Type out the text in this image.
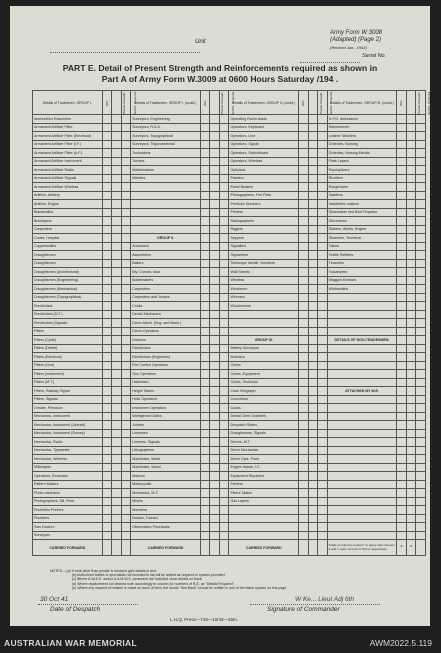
Unit
Army Form W 3008
(Adapted) (Page 2)
(Revised Jan., 1942)
Serial No.
PART E. Detail of Present Strength and Reinforcements required as shown in
Part A of Army Form W.3009 at 0600 Hours Saturday /194 .
Details of Tradesmen. GROUP I.	W.E.	Posted Strength.	Reinfts. Required.	Details of Tradesmen. GROUP I. (contd.)	W.E.	Posted Strength.	Reinfts. Required.	Details of Tradesmen. GROUP II. (contd.)	W.E.	Posted Strength.	Reinfts. Required.	Details of Tradesmen. GROUP III. (contd.)	W.E.	Posted Strength.	Reinfts. Required.
Ammunition Examiners				Surveyors, Engineering				Operating Room Assts.				G.P.O. Ambulance			
Armament Artificer Fitter				Surveyors, R.A.A.				Operators, Keyboard				Hammermen			
Armament Artificer Fitter (Electrical)				Surveyors, Topographical				Operators, Line				Leather Stitchers			
Armament Artificer Fitter (I.F.)				Surveyors, Trigonometrical				Operators, Signal				Orderlies, Nursing			
Armament Artificer Fitter (A.F.)				Toolmakers				Operators, Switchboard				Orderlies, Nursing Mental			
Armament Artificer Instrument				Turners				Operators, Wireless				Plate Layers			
Armament Artificer Radio				Watchmakers				Opticians				Ropesplicers			
Armament Artificer Signals				Welders				Painters				Rivetters			
Armament Artificer Wireless								Panel Beaters				Roughriders			
Artificer, Artillery								Photographers, Fire Plots				Saddlers			
Artificer, Engine								Predictor Numbers				Saddletree makers			
Blacksmiths								Printers				Shoemaker and Boot Repairer			
Bricklayers								Radiographers				Stevedores			
Carpenters								Riggers				Stokers, Works, Engine			
Cooks, Hospital				GROUP II.				Sappers				Shoemen, Technical			
Coppersmiths				Armourers				Signallers				Tailors			
Draughtsmen				Assemblers				Signwriters				Textile Refitters			
Draughtsmen				Bakers				Telescope Identifi. Numbers				Tinsmiths			
Draughtsmen (Architectural)				Bty. Comd's. Asst.				Wall Sheets				Vulcanizers			
Draughtsmen (Engineering)				Boilermakers				Wireless				Waggon Erectors			
Draughtsmen (Mechanical)				Carpenters				Winchmen				Whitesmiths			
Draughtsmen (Topographical)				Carpenters and Joiners				Wiremen							
Electricians				Cooks				Woodturners							
Electricians (M.T.)				Dental Mechanics											
Electricians (Signals)				Driver-Mech. (Eng. and Mach.)											
Fitters				Driver-Operators											
Fitters (Cycle)				Drainers				GROUP III.				DETAILS OF NON-TRADESMEN.			
Fitters (Diesel)				Electricians				Battery Surveyors							
Fitters (Electrical)				Electricians (Engineers)				Butchers							
Fitters (Gun)				Fire Control Operators				Clerks							
Fitters (Instrument)				Gun Operators				Clerks, Equipment							
Fitters (M.T.)				Hatchmen				Clerks, Technical							
Fitters, Railway Signal				Height Takers				Cook Telegraph				ATTACHED BY W.E.			
Fitters, Signals				Holix Operators				Concretors							
Grinder, Precision				Instrument Operators				Cooks							
Mechanics, Instrument				Intelligence Duties				Dental Clerk Orderlies							
Mechanics, Instrument (Aircraft)				Joiners				Despatch Riders							
Mechanics, Instrument (Survey)				Linesmen				Draughtsmen, Signals							
Mechanics, Radio				Linemen, Signals				Drivers, M.T.							
Mechanics, Typewriter				Lithographers				Driver Mechanics							
Mechanics, Wireless				Machinists, Metal				Driver Opts. Plant							
Millwrights				Machinists, Wood				Engine Hands, I.C.							
Operators, Excavator				Masons				Equipment Repairers							
Pattern Makers				Motorcyclist				Farriers							
Photo-mechanic				Mechanics, M.T.				Fitters' Mates							
Photographers, Mil. Field				Mixers				Gas Layers							
Photolitho Printers				Moulders											
Plumbers				Nurses, Trained											
Saw Doctors				Observation Post Assts.											
Surveyors															
CARRIED FORWARD				CARRIED FORWARD				CARRIED FORWARD				Totals of columns marked * to agree with columns 4 and 7, and 1 and 10 of Part A respectively.	*	*	
NOTES.—(a) If rank other than private is involved give details in text.
(b) Authorised trades or specialists not included in list will be added as required in spaces provided.
(c) Where A.W.A.S. and/or A.A.M.W.S. personnel are included show details on back.
(d) Where replacement not desired note accordingly in column for numbers of R.E. as "Details Required".
(e) Where any request of relation is made on back of form, the words "See Back" should be written in one of the blank spaces on this page.
30 Oct 41
Date of Despatch
W Ke... Lieut Adj 6th
Signature of Commander
L.H.Q. Press—716—10/43—46m.
AUSTRALIAN WAR MEMORIAL	AWM2022.5.119
